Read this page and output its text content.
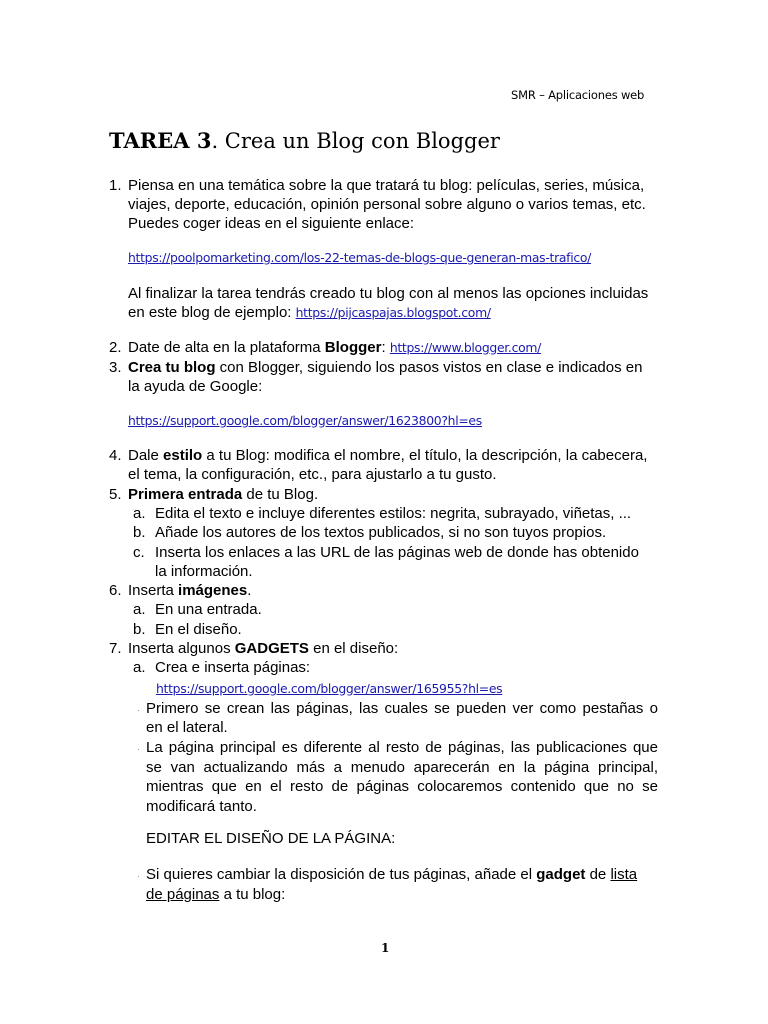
SMR – Aplicaciones web
TAREA 3. Crea un Blog con Blogger
1. Piensa en una temática sobre la que tratará tu blog: películas, series, música,
viajes, deporte, educación, opinión personal sobre alguno o varios temas, etc.
Puedes coger ideas en el siguiente enlace:
https://poolpomarketing.com/los-22-temas-de-blogs-que-generan-mas-trafico/
Al finalizar la tarea tendrás creado tu blog con al menos las opciones incluidas
en este blog de ejemplo: https://pijcaspajas.blogspot.com/
2. Date de alta en la plataforma Blogger: https://www.blogger.com/
3. Crea tu blog con Blogger, siguiendo los pasos vistos en clase e indicados en
la ayuda de Google:
https://support.google.com/blogger/answer/1623800?hl=es
4. Dale estilo a tu Blog: modifica el nombre, el título, la descripción, la cabecera,
el tema, la configuración, etc., para ajustarlo a tu gusto.
5. Primera entrada de tu Blog.
a. Edita el texto e incluye diferentes estilos: negrita, subrayado, viñetas, ...
b. Añade los autores de los textos publicados, si no son tuyos propios.
c. Inserta los enlaces a las URL de las páginas web de donde has obtenido
la información.
6. Inserta imágenes.
a. En una entrada.
b. En el diseño.
7. Inserta algunos GADGETS en el diseño:
a. Crea e inserta páginas:
https://support.google.com/blogger/answer/165955?hl=es
· Primero se crean las páginas, las cuales se pueden ver como pestañas o
en el lateral.
· La página principal es diferente al resto de páginas, las publicaciones que
se van actualizando más a menudo aparecerán en la página principal,
mientras que en el resto de páginas colocaremos contenido que no se
modificará tanto.
EDITAR EL DISEÑO DE LA PÁGINA:
· Si quieres cambiar la disposición de tus páginas, añade el gadget de lista
de páginas a tu blog:
1
